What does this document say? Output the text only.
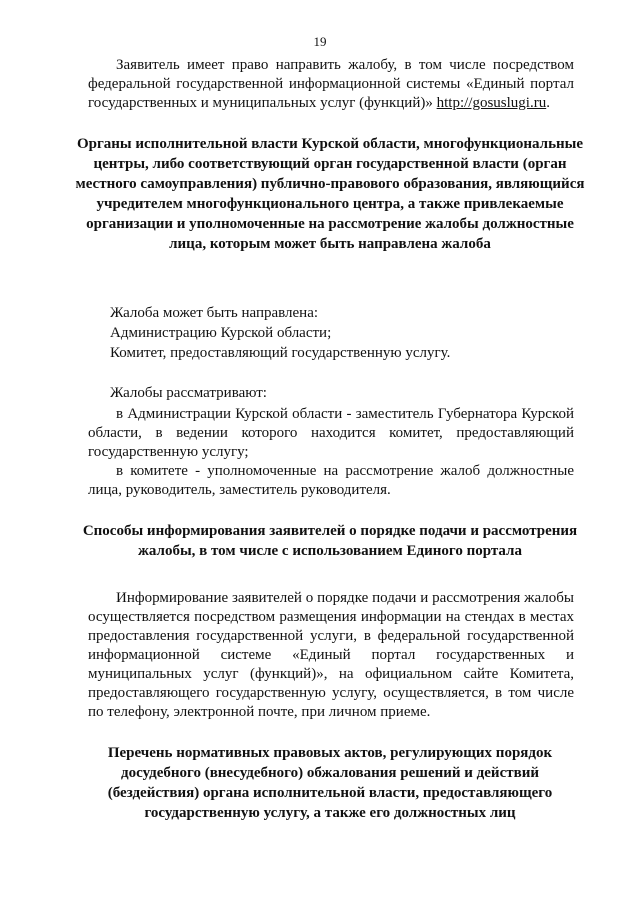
19

Заявитель имеет право направить жалобу, в том числе посредством федеральной государственной информационной системы «Единый портал государственных и муниципальных услуг (функций)» http://gosuslugi.ru.

Органы исполнительной власти Курской области, многофункциональные центры, либо соответствующий орган государственной власти (орган местного самоуправления) публично-правового образования, являющийся учредителем многофункционального центра, а также привлекаемые организации и уполномоченные на рассмотрение жалобы должностные лица, которым может быть направлена жалоба

Жалоба может быть направлена:

Администрацию Курской области;

Комитет, предоставляющий государственную услугу.

Жалобы рассматривают:

в Администрации Курской области - заместитель Губернатора Курской области, в ведении которого находится комитет, предоставляющий государственную услугу;

в комитете - уполномоченные на рассмотрение жалоб должностные лица, руководитель, заместитель руководителя.

Способы информирования заявителей о порядке подачи и рассмотрения жалобы, в том числе с использованием Единого портала

Информирование заявителей о порядке подачи и рассмотрения жалобы осуществляется посредством размещения информации на стендах в местах предоставления государственной услуги, в федеральной государственной информационной системе «Единый портал государственных и муниципальных услуг (функций)», на официальном сайте Комитета, предоставляющего государственную услугу, осуществляется, в том числе по телефону, электронной почте, при личном приеме.

Перечень нормативных правовых актов, регулирующих порядок досудебного (внесудебного) обжалования решений и действий (бездействия) органа исполнительной власти, предоставляющего государственную услугу, а также его должностных лиц
